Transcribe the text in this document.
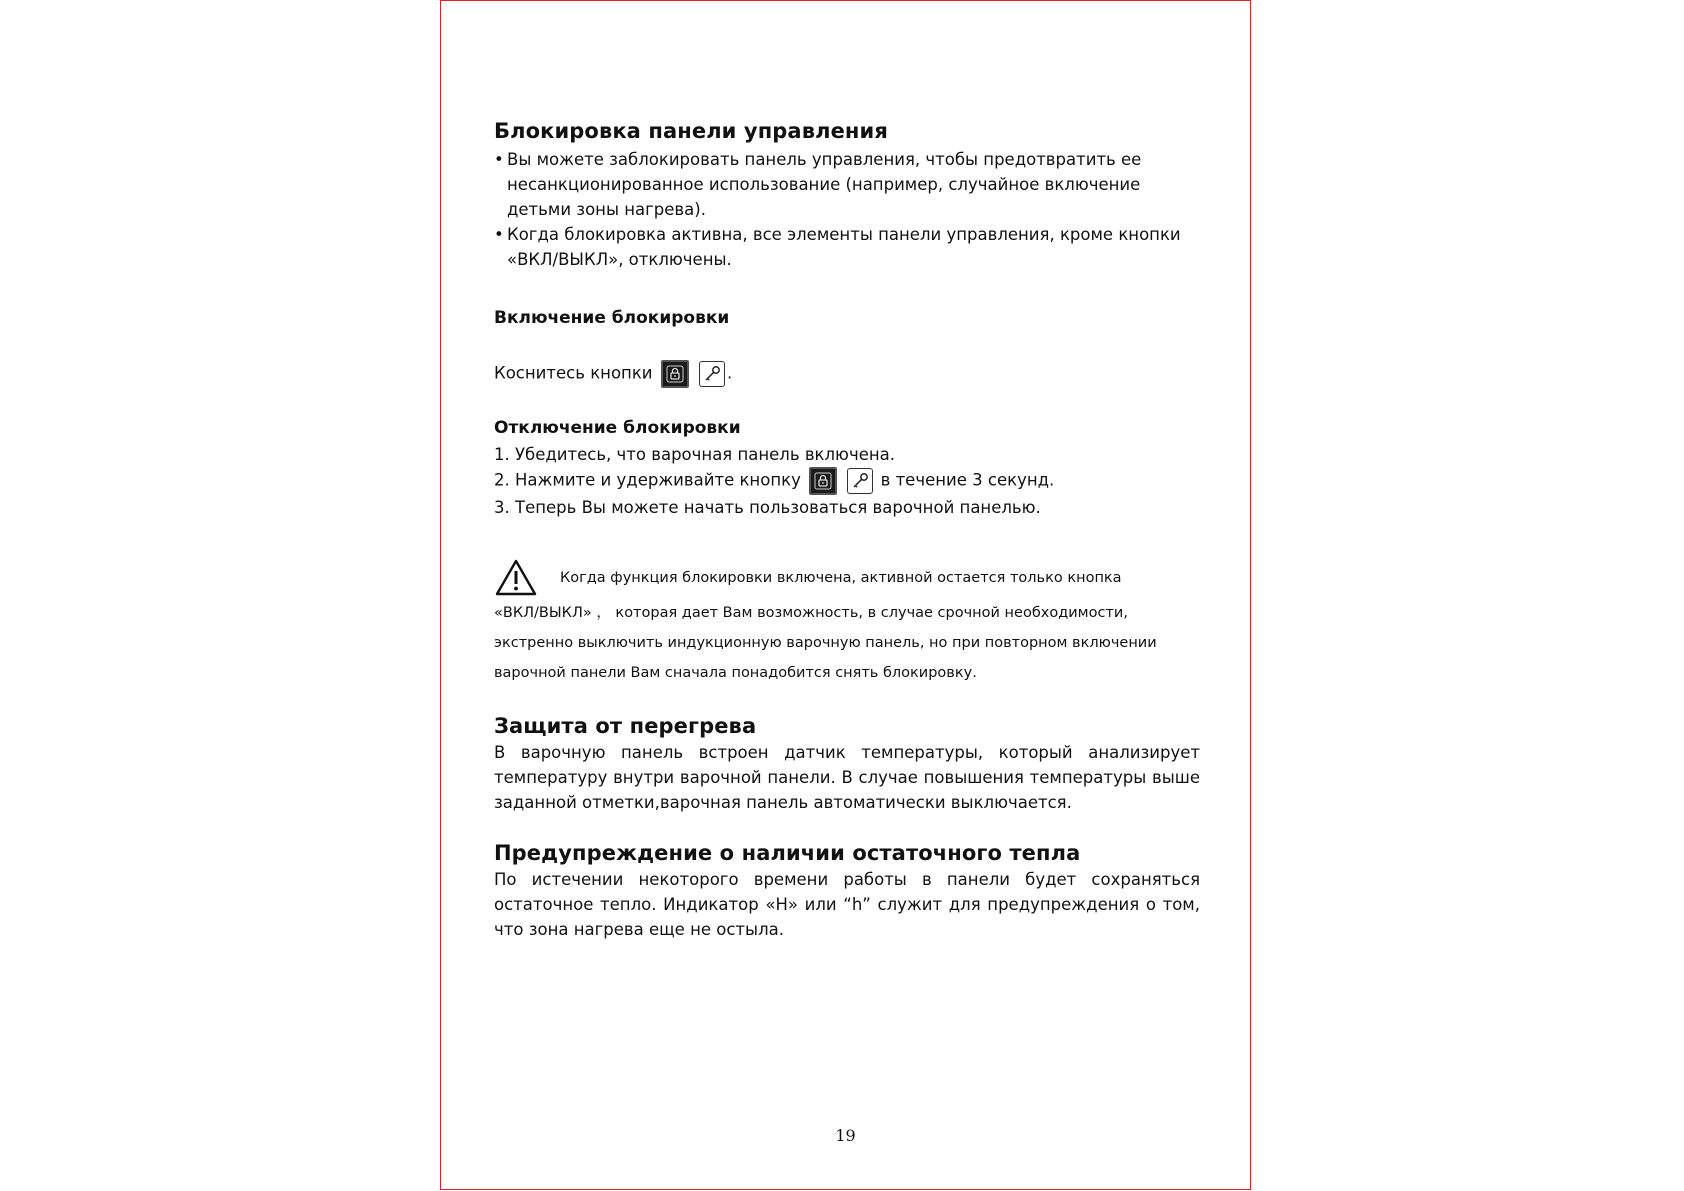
Блокировка панели управления
• Вы можете заблокировать панель управления, чтобы предотвратить ее несанкционированное использование (например, случайное включение детьми зоны нагрева).
• Когда блокировка активна, все элементы панели управления, кроме кнопки «ВКЛ/ВЫКЛ», отключены.
Включение блокировки

Коснитесь кнопки	.

Отключение блокировки
1. Убедитесь, что варочная панель включена.
2. Нажмите и удерживайте кнопку	в течение 3 секунд.
3. Теперь Вы можете начать пользоваться варочной панелью.
Когда функция блокировки включена, активной остается только кнопка
«ВКЛ/ВЫКЛ» ， которая дает Вам возможность, в случае срочной необходимости,
экстренно выключить индукционную варочную панель, но при повторном включении
варочной панели Вам сначала понадобится снять блокировку.
Защита от перегрева

В варочную панель встроен датчик температуры, который анализирует температуру внутри варочной панели. В случае повышения температуры выше заданной отметки,варочная панель автоматически выключается.

Предупреждение о наличии остаточного тепла

По истечении некоторого времени работы в панели будет сохраняться остаточное тепло. Индикатор «H» или “h” служит для предупреждения о том, что зона нагрева еще не остыла.

19
